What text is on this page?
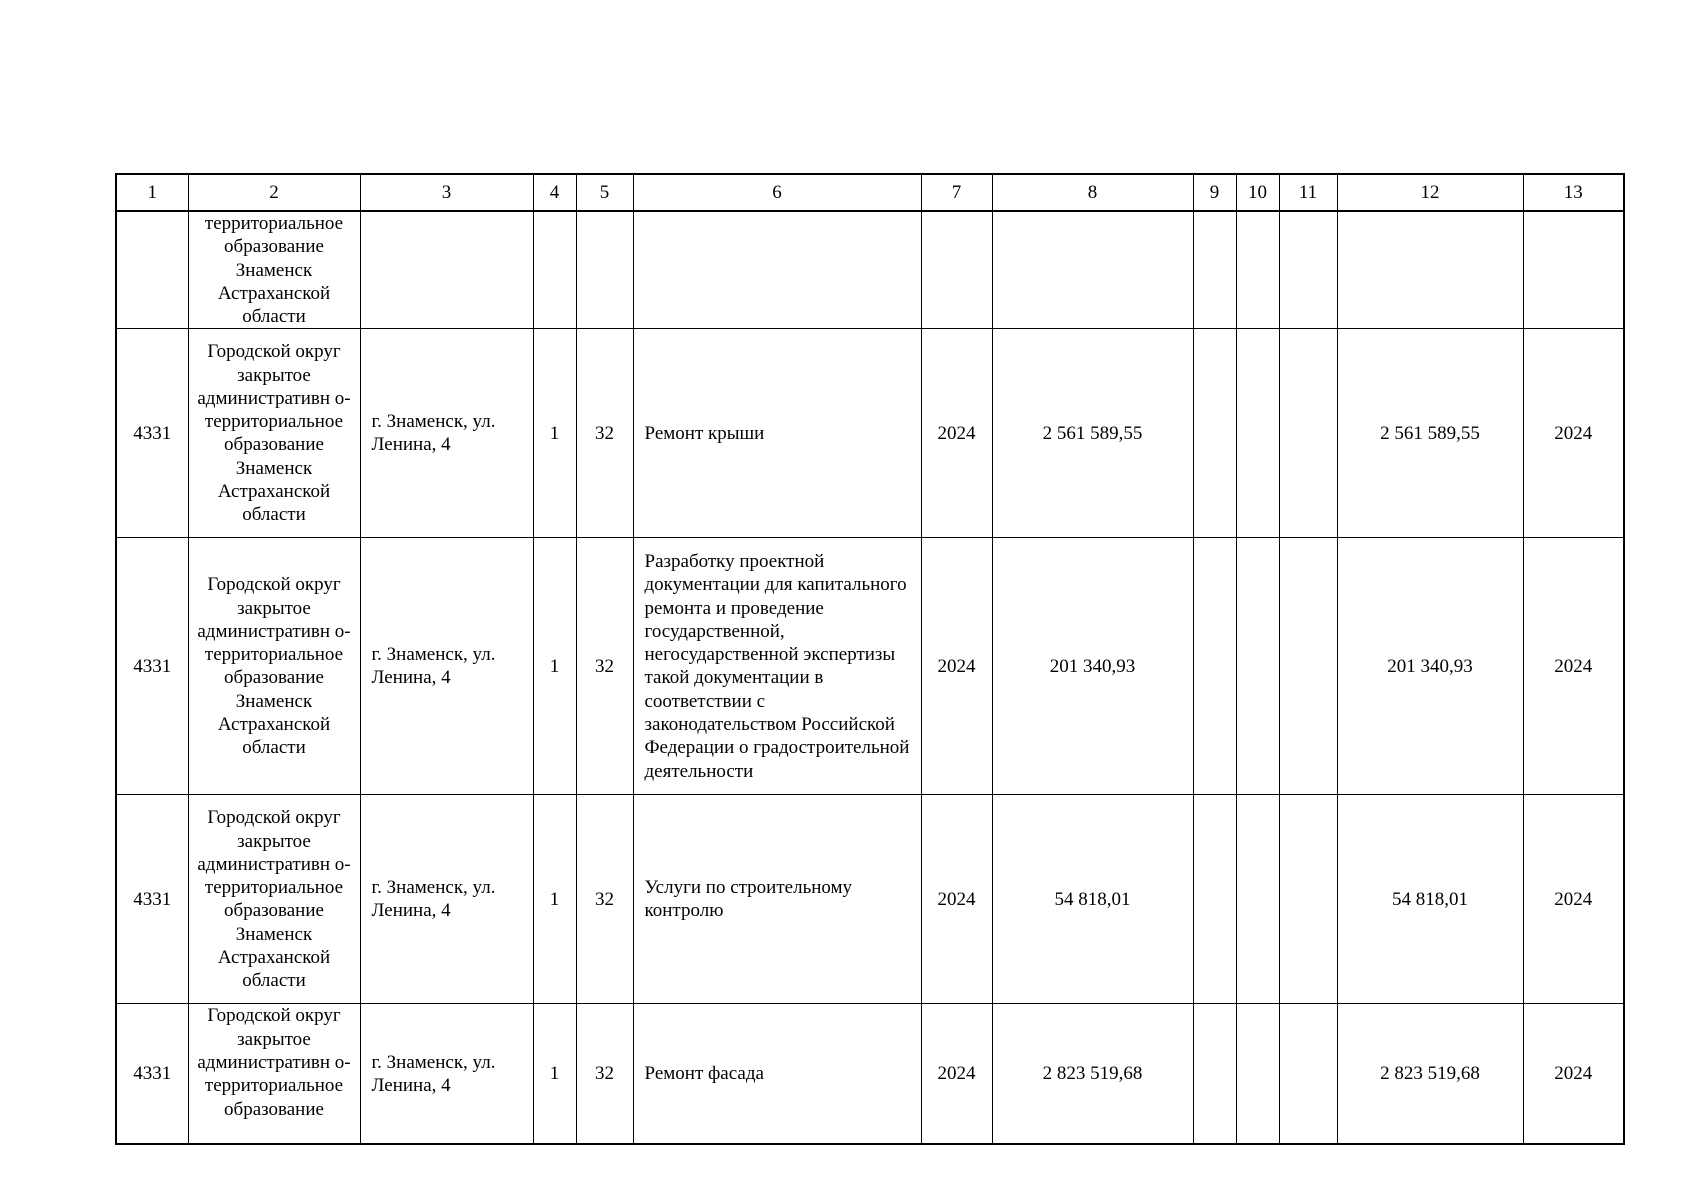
1	2	3	4	5	6	7	8	9	10	11	12	13

	территориальное образование Знаменск Астраханской области											

4331	Городской округ закрытое административн о-территориальное образование Знаменск Астраханской области	г. Знаменск, ул. Ленина, 4	1	32	Ремонт крыши	2024	2 561 589,55				2 561 589,55	2024
4331	Городской округ закрытое административн о-территориальное образование Знаменск Астраханской области	г. Знаменск, ул. Ленина, 4	1	32	Разработку проектной документации для капитального ремонта и проведение государственной, негосударственной экспертизы такой документации в соответствии с законодательством Российской Федерации о градостроительной деятельности	2024	201 340,93				201 340,93	2024
4331	Городской округ закрытое административн о-территориальное образование Знаменск Астраханской области	г. Знаменск, ул. Ленина, 4	1	32	Услуги по строительному контролю	2024	54 818,01				54 818,01	2024
4331	Городской округ закрытое административн о-территориальное образование	г. Знаменск, ул. Ленина, 4	1	32	Ремонт фасада	2024	2 823 519,68				2 823 519,68	2024
